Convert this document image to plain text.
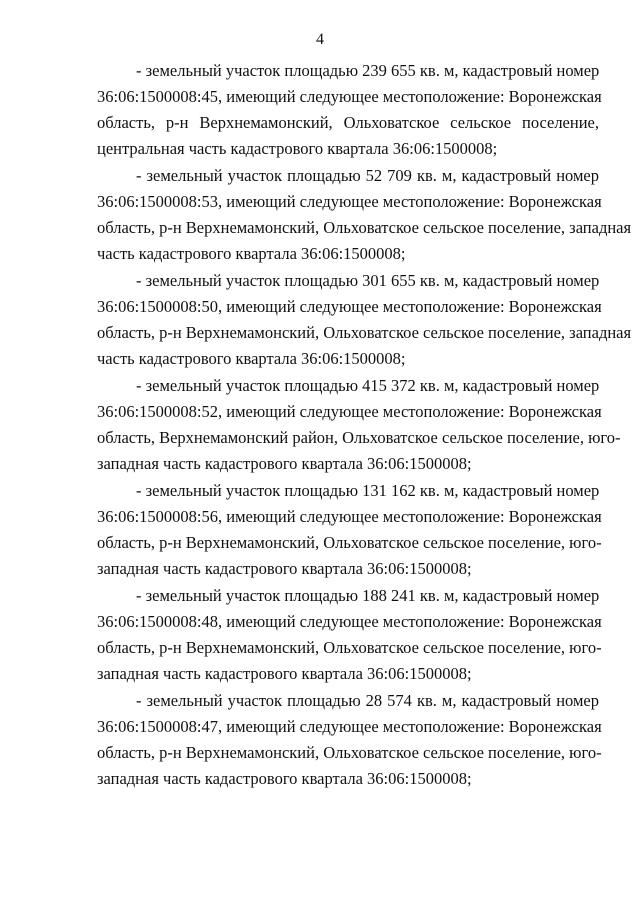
4
- земельный участок площадью 239 655 кв. м, кадастровый номер
36:06:1500008:45, имеющий следующее местоположение: Воронежская
область, р-н Верхнемамонский, Ольховатское сельское поселение,
центральная часть кадастрового квартала 36:06:1500008;
- земельный участок площадью 52 709 кв. м, кадастровый номер
36:06:1500008:53, имеющий следующее местоположение: Воронежская
область, р-н Верхнемамонский, Ольховатское сельское поселение, западная
часть кадастрового квартала 36:06:1500008;
- земельный участок площадью 301 655 кв. м, кадастровый номер
36:06:1500008:50, имеющий следующее местоположение: Воронежская
область, р-н Верхнемамонский, Ольховатское сельское поселение, западная
часть кадастрового квартала 36:06:1500008;
- земельный участок площадью 415 372 кв. м, кадастровый номер
36:06:1500008:52, имеющий следующее местоположение: Воронежская
область, Верхнемамонский район, Ольховатское сельское поселение, юго-
западная часть кадастрового квартала 36:06:1500008;
- земельный участок площадью 131 162 кв. м, кадастровый номер
36:06:1500008:56, имеющий следующее местоположение: Воронежская
область, р-н Верхнемамонский, Ольховатское сельское поселение, юго-
западная часть кадастрового квартала 36:06:1500008;
- земельный участок площадью 188 241 кв. м, кадастровый номер
36:06:1500008:48, имеющий следующее местоположение: Воронежская
область, р-н Верхнемамонский, Ольховатское сельское поселение, юго-
западная часть кадастрового квартала 36:06:1500008;
- земельный участок площадью 28 574 кв. м, кадастровый номер
36:06:1500008:47, имеющий следующее местоположение: Воронежская
область, р-н Верхнемамонский, Ольховатское сельское поселение, юго-
западная часть кадастрового квартала 36:06:1500008;
